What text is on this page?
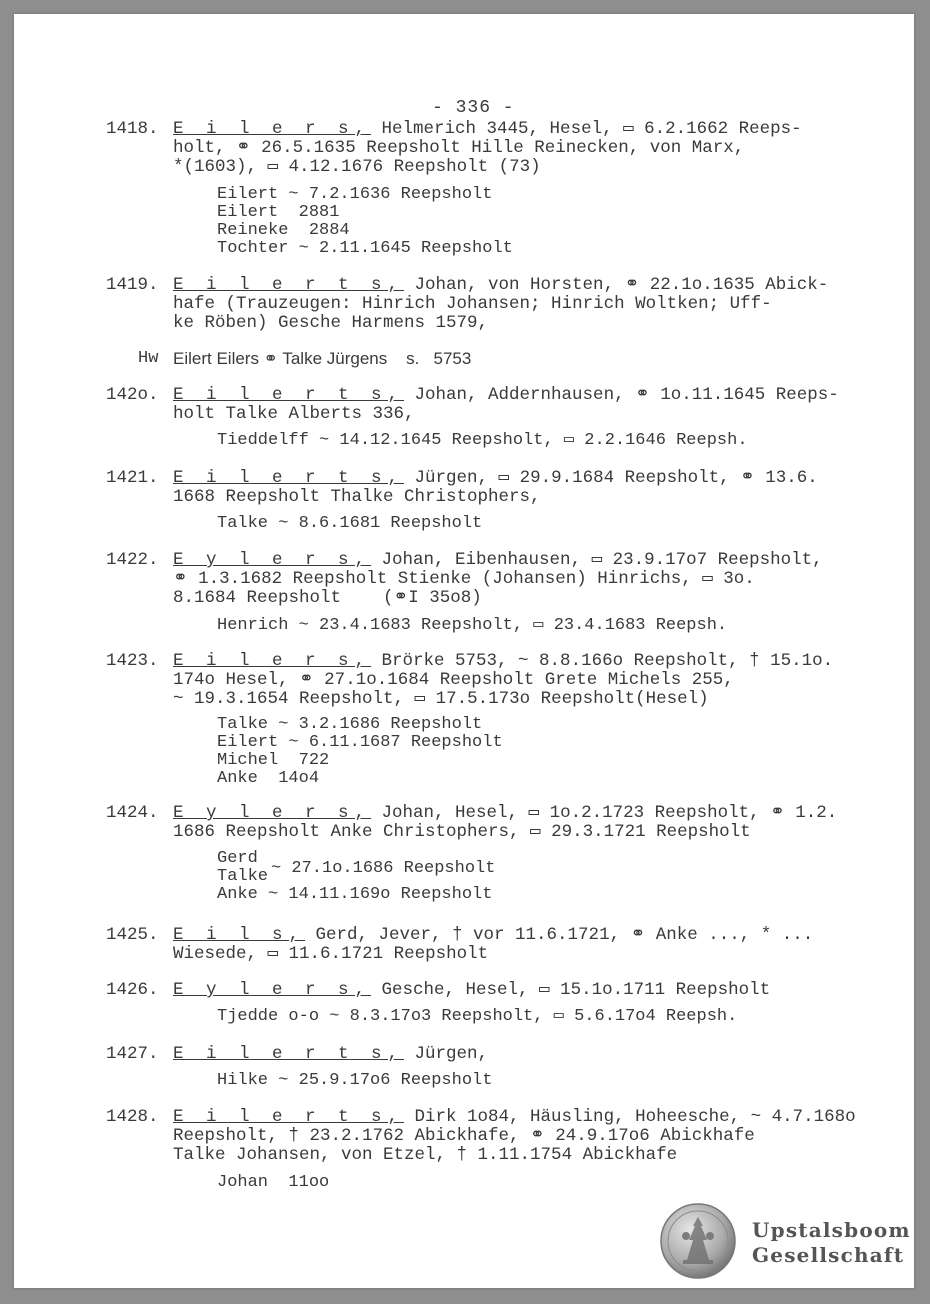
- 336 -
1418. E i l e r s, Helmerich 3445, Hesel, ▭ 6.2.1662 Reeps-
holt, ⚭ 26.5.1635 Reepsholt Hille Reinecken, von Marx,
*(1603), ▭ 4.12.1676 Reepsholt (73)
Eilert ~ 7.2.1636 Reepsholt
Eilert  2881
Reineke  2884
Tochter ~ 2.11.1645 Reepsholt
1419. E i l e r t s, Johan, von Horsten, ⚭ 22.1o.1635 Abick-
hafe (Trauzeugen: Hinrich Johansen; Hinrich Woltken; Uff-
ke Röben) Gesche Harmens 1579,
Hw Eilert Eilers ⚭ Talke Jürgens    s.   5753
142o. E i l e r t s, Johan, Addernhausen, ⚭ 1o.11.1645 Reeps-
holt Talke Alberts 336,
Tieddelff ~ 14.12.1645 Reepsholt, ▭ 2.2.1646 Reepsh.
1421. E i l e r t s, Jürgen, ▭ 29.9.1684 Reepsholt, ⚭ 13.6.
1668 Reepsholt Thalke Christophers,
Talke ~ 8.6.1681 Reepsholt
1422. E y l e r s, Johan, Eibenhausen, ▭ 23.9.17o7 Reepsholt,
⚭ 1.3.1682 Reepsholt Stienke (Johansen) Hinrichs, ▭ 3o.
8.1684 Reepsholt    (⚭I 35o8)
Henrich ~ 23.4.1683 Reepsholt, ▭ 23.4.1683 Reepsh.
1423. E i l e r s, Brörke 5753, ~ 8.8.166o Reepsholt, † 15.1o.
174o Hesel, ⚭ 27.1o.1684 Reepsholt Grete Michels 255,
~ 19.3.1654 Reepsholt, ▭ 17.5.173o Reepsholt(Hesel)
Talke ~ 3.2.1686 Reepsholt
Eilert ~ 6.11.1687 Reepsholt
Michel  722
Anke  14o4
1424. E y l e r s, Johan, Hesel, ▭ 1o.2.1723 Reepsholt, ⚭ 1.2.
1686 Reepsholt Anke Christophers, ▭ 29.3.1721 Reepsholt
Gerd
Talke ~ 27.1o.1686 Reepsholt
Anke ~ 14.11.169o Reepsholt
1425. E i l s, Gerd, Jever, † vor 11.6.1721, ⚭ Anke ..., * ...
Wiesede, ▭ 11.6.1721 Reepsholt
1426. E y l e r s, Gesche, Hesel, ▭ 15.1o.1711 Reepsholt
Tjedde o-o ~ 8.3.17o3 Reepsholt, ▭ 5.6.17o4 Reepsh.
1427. E i l e r t s, Jürgen,
Hilke ~ 25.9.17o6 Reepsholt
1428. E i l e r t s, Dirk 1o84, Häusling, Hoheesche, ~ 4.7.168o
Reepsholt, † 23.2.1762 Abickhafe, ⚭ 24.9.17o6 Abickhafe
Talke Johansen, von Etzel, † 1.11.1754 Abickhafe
Johan  11oo
Upstalsboom
Gesellschaft
